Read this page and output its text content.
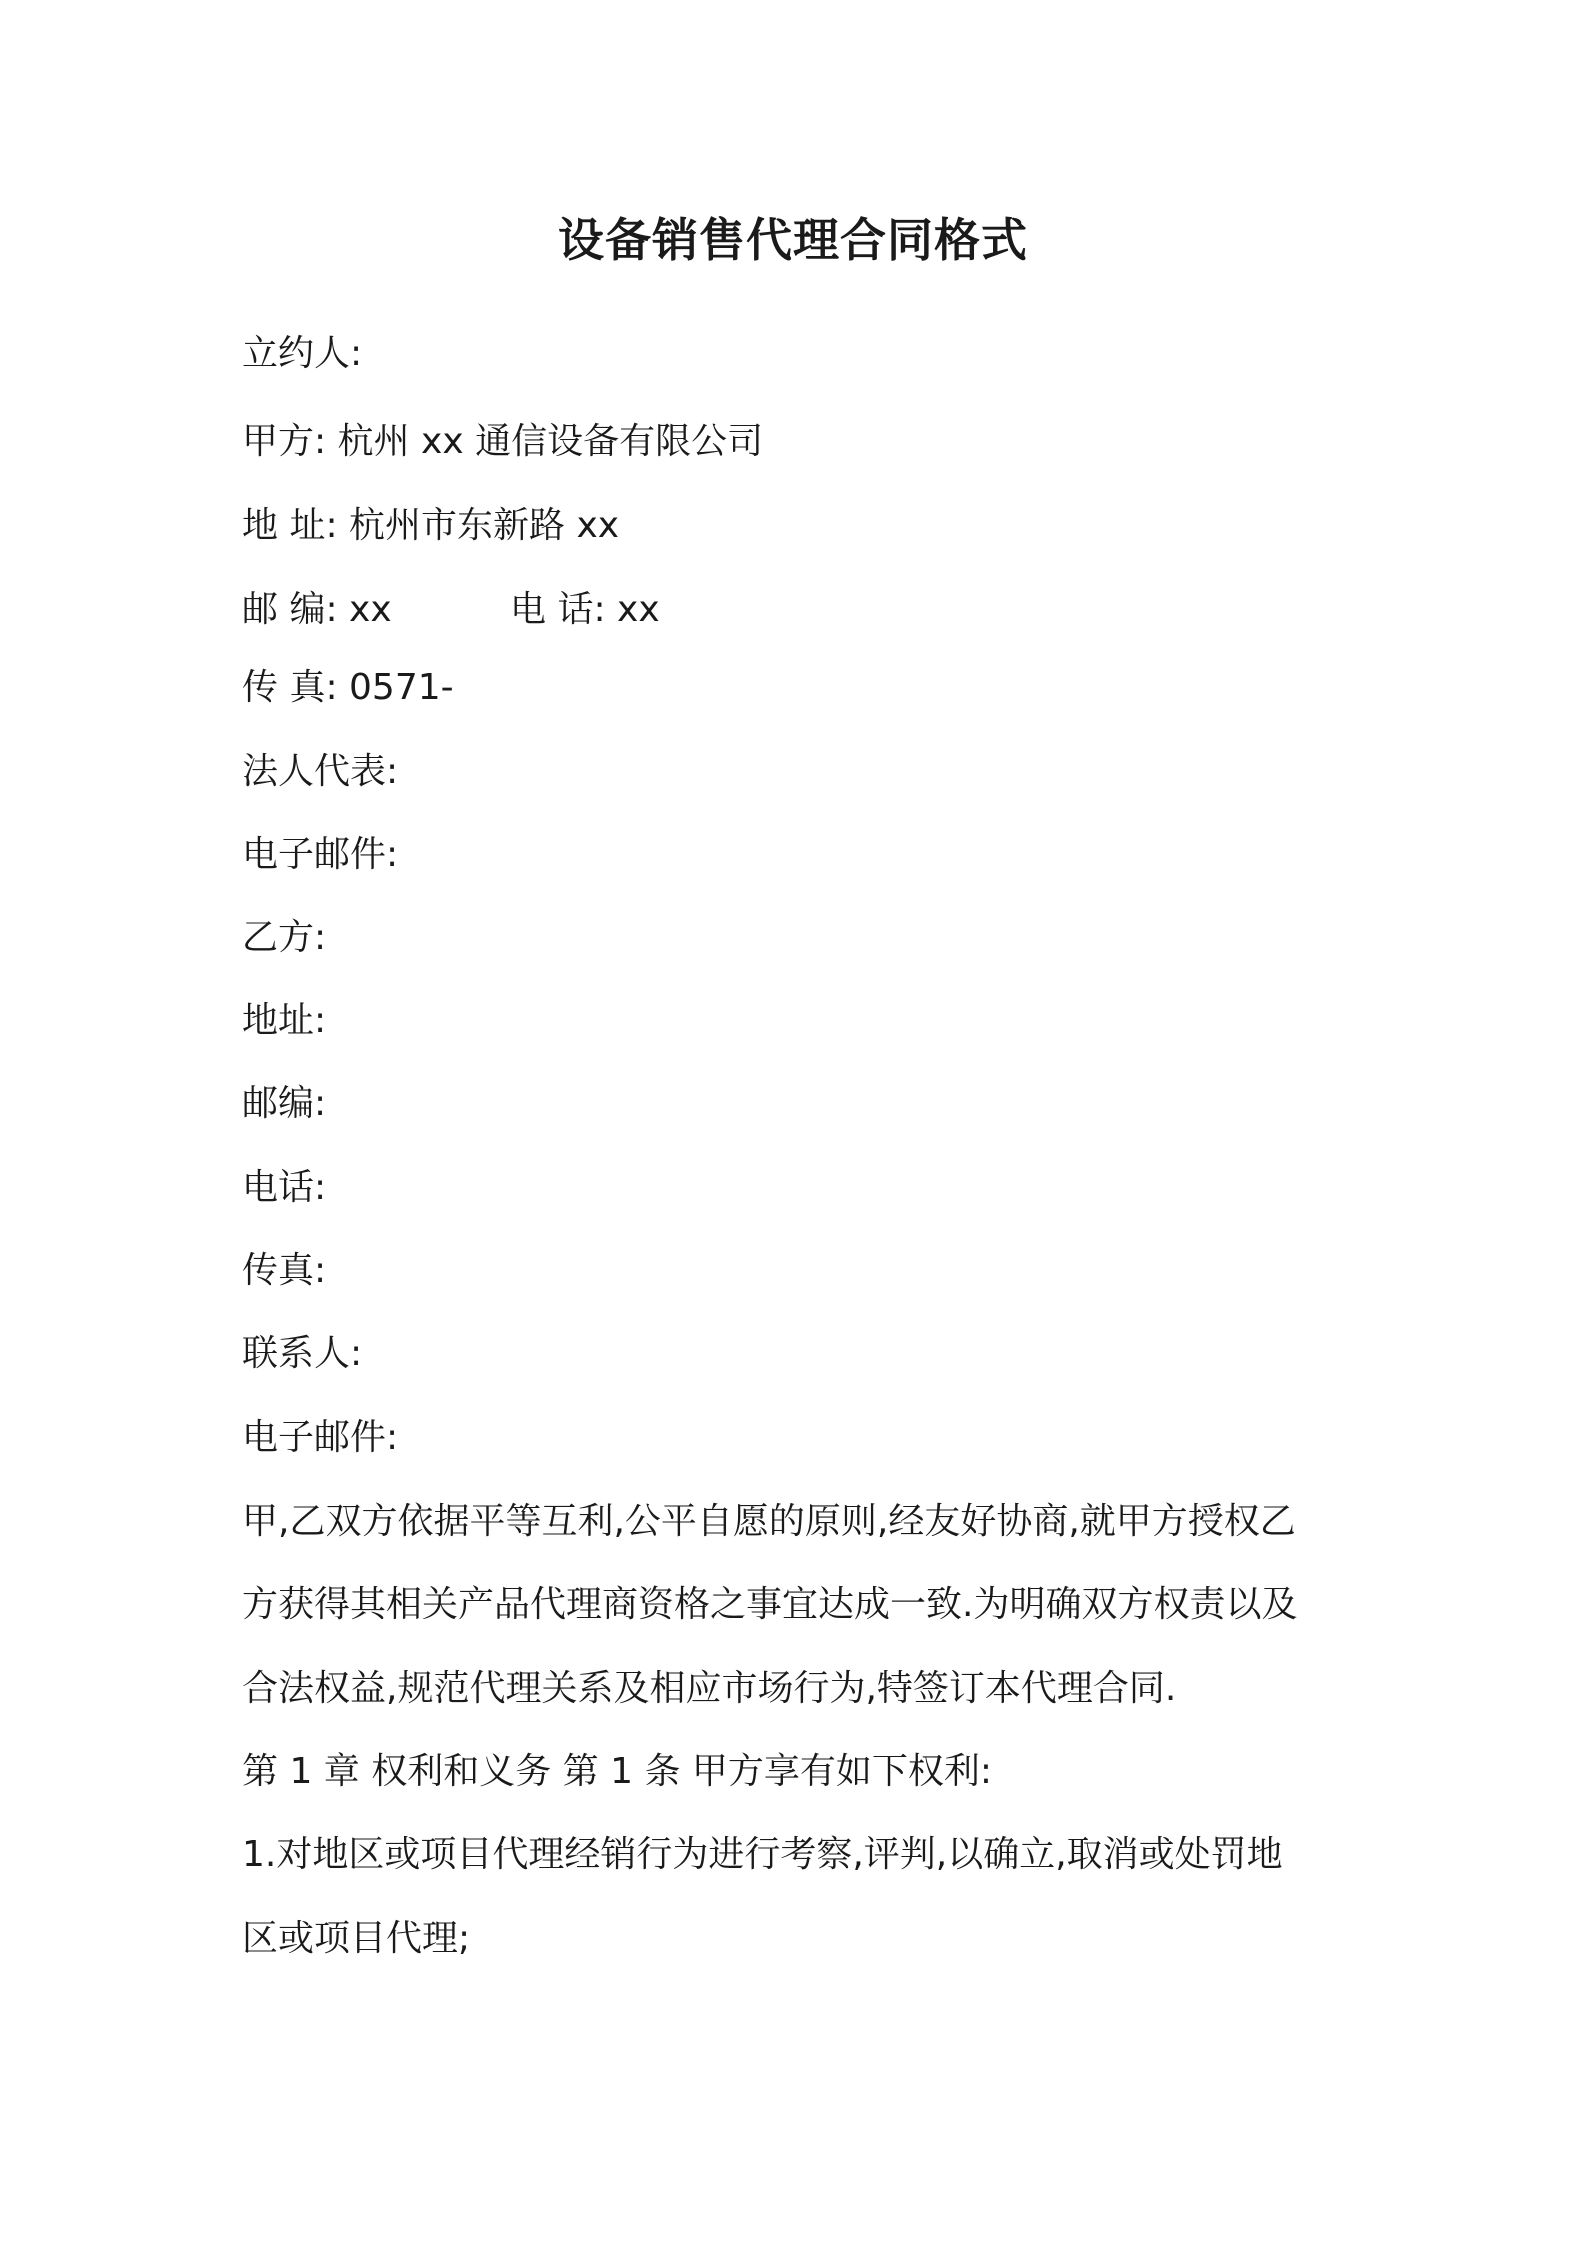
设备销售代理合同格式
立约人:
甲方: 杭州 xx 通信设备有限公司
地 址: 杭州市东新路 xx
邮 编: xx	电 话: xx
传 真: 0571-
法人代表:
电子邮件:
乙方:
地址:
邮编:
电话:
传真:
联系人:
电子邮件:
甲,乙双方依据平等互利,公平自愿的原则,经友好协商,就甲方授权乙
方获得其相关产品代理商资格之事宜达成一致.为明确双方权责以及
合法权益,规范代理关系及相应市场行为,特签订本代理合同.
第 1 章 权利和义务 第 1 条 甲方享有如下权利:
1.对地区或项目代理经销行为进行考察,评判,以确立,取消或处罚地
区或项目代理;
